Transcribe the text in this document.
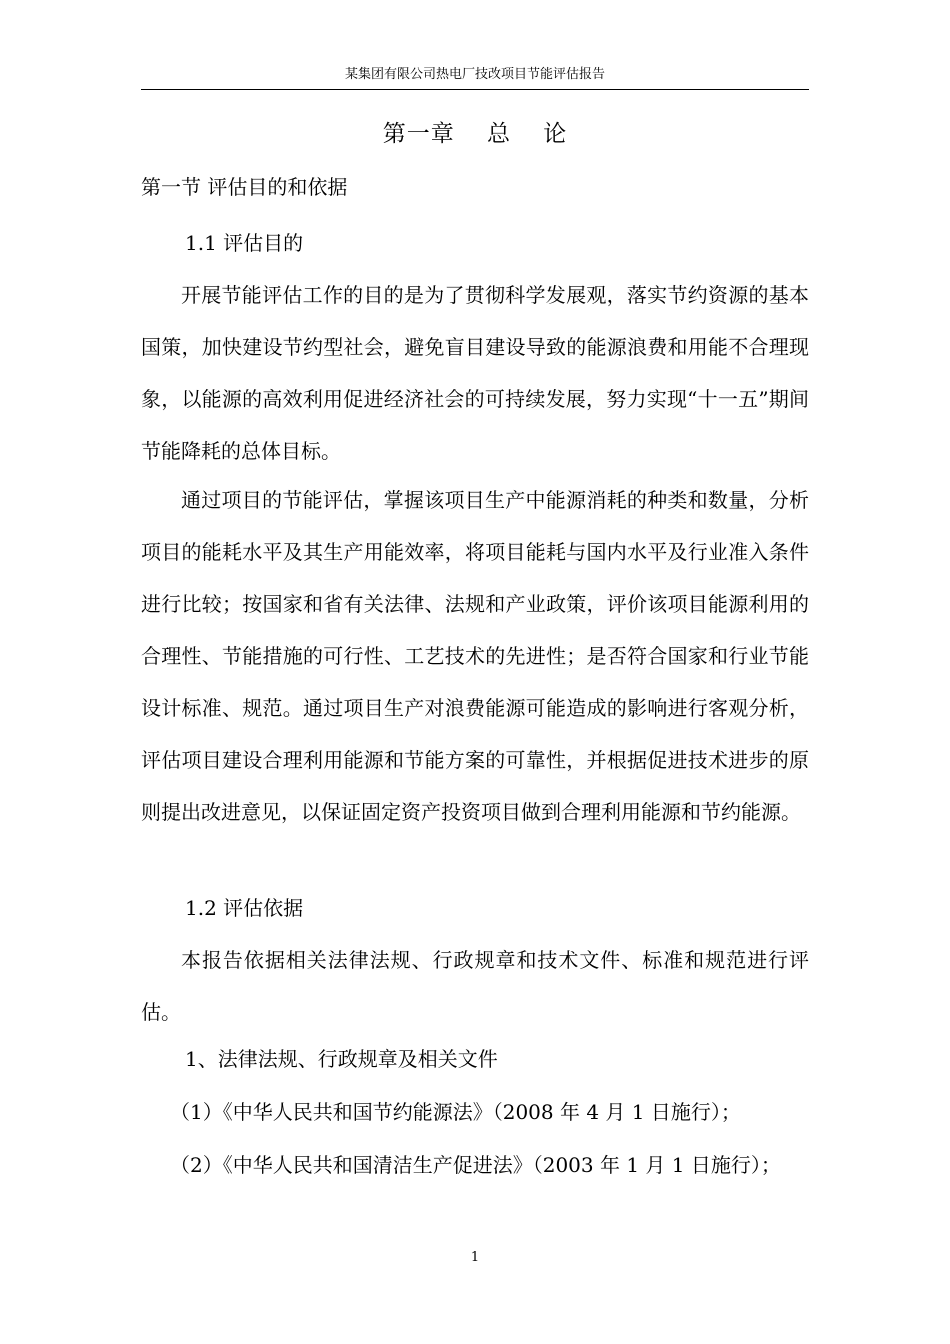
某集团有限公司热电厂技改项目节能评估报告
第一章　 总　 论
第一节 评估目的和依据
1.1 评估目的
开展节能评估工作的目的是为了贯彻科学发展观，落实节约资源的基本国策，加快建设节约型社会，避免盲目建设导致的能源浪费和用能不合理现象，以能源的高效利用促进经济社会的可持续发展，努力实现“十一五”期间节能降耗的总体目标。
通过项目的节能评估，掌握该项目生产中能源消耗的种类和数量，分析项目的能耗水平及其生产用能效率，将项目能耗与国内水平及行业准入条件进行比较；按国家和省有关法律、法规和产业政策，评价该项目能源利用的合理性、节能措施的可行性、工艺技术的先进性；是否符合国家和行业节能设计标准、规范。通过项目生产对浪费能源可能造成的影响进行客观分析，评估项目建设合理利用能源和节能方案的可靠性，并根据促进技术进步的原则提出改进意见，以保证固定资产投资项目做到合理利用能源和节约能源。
1.2 评估依据
本报告依据相关法律法规、行政规章和技术文件、标准和规范进行评估。
1、法律法规、行政规章及相关文件
（1）《中华人民共和国节约能源法》（2008 年 4 月 1 日施行）；
（2）《中华人民共和国清洁生产促进法》（2003 年 1 月 1 日施行）；
1
